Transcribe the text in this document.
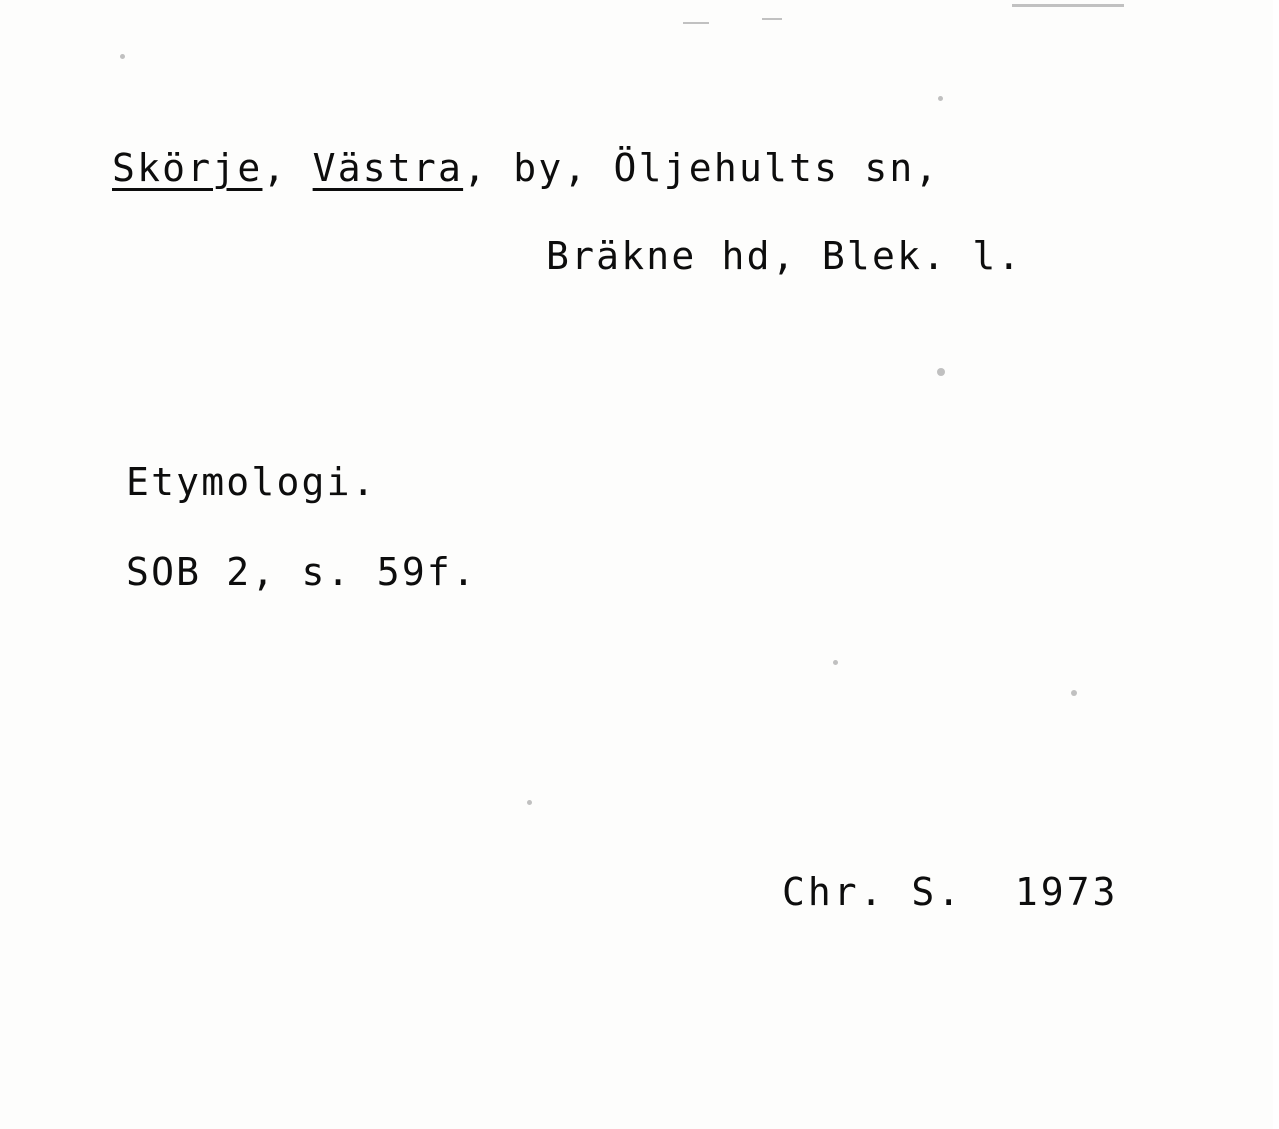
Skörje, Västra, by, Öljehults sn,
Bräkne hd, Blek. l.
Etymologi.
SOB 2, s. 59f.
Chr. S.  1973
